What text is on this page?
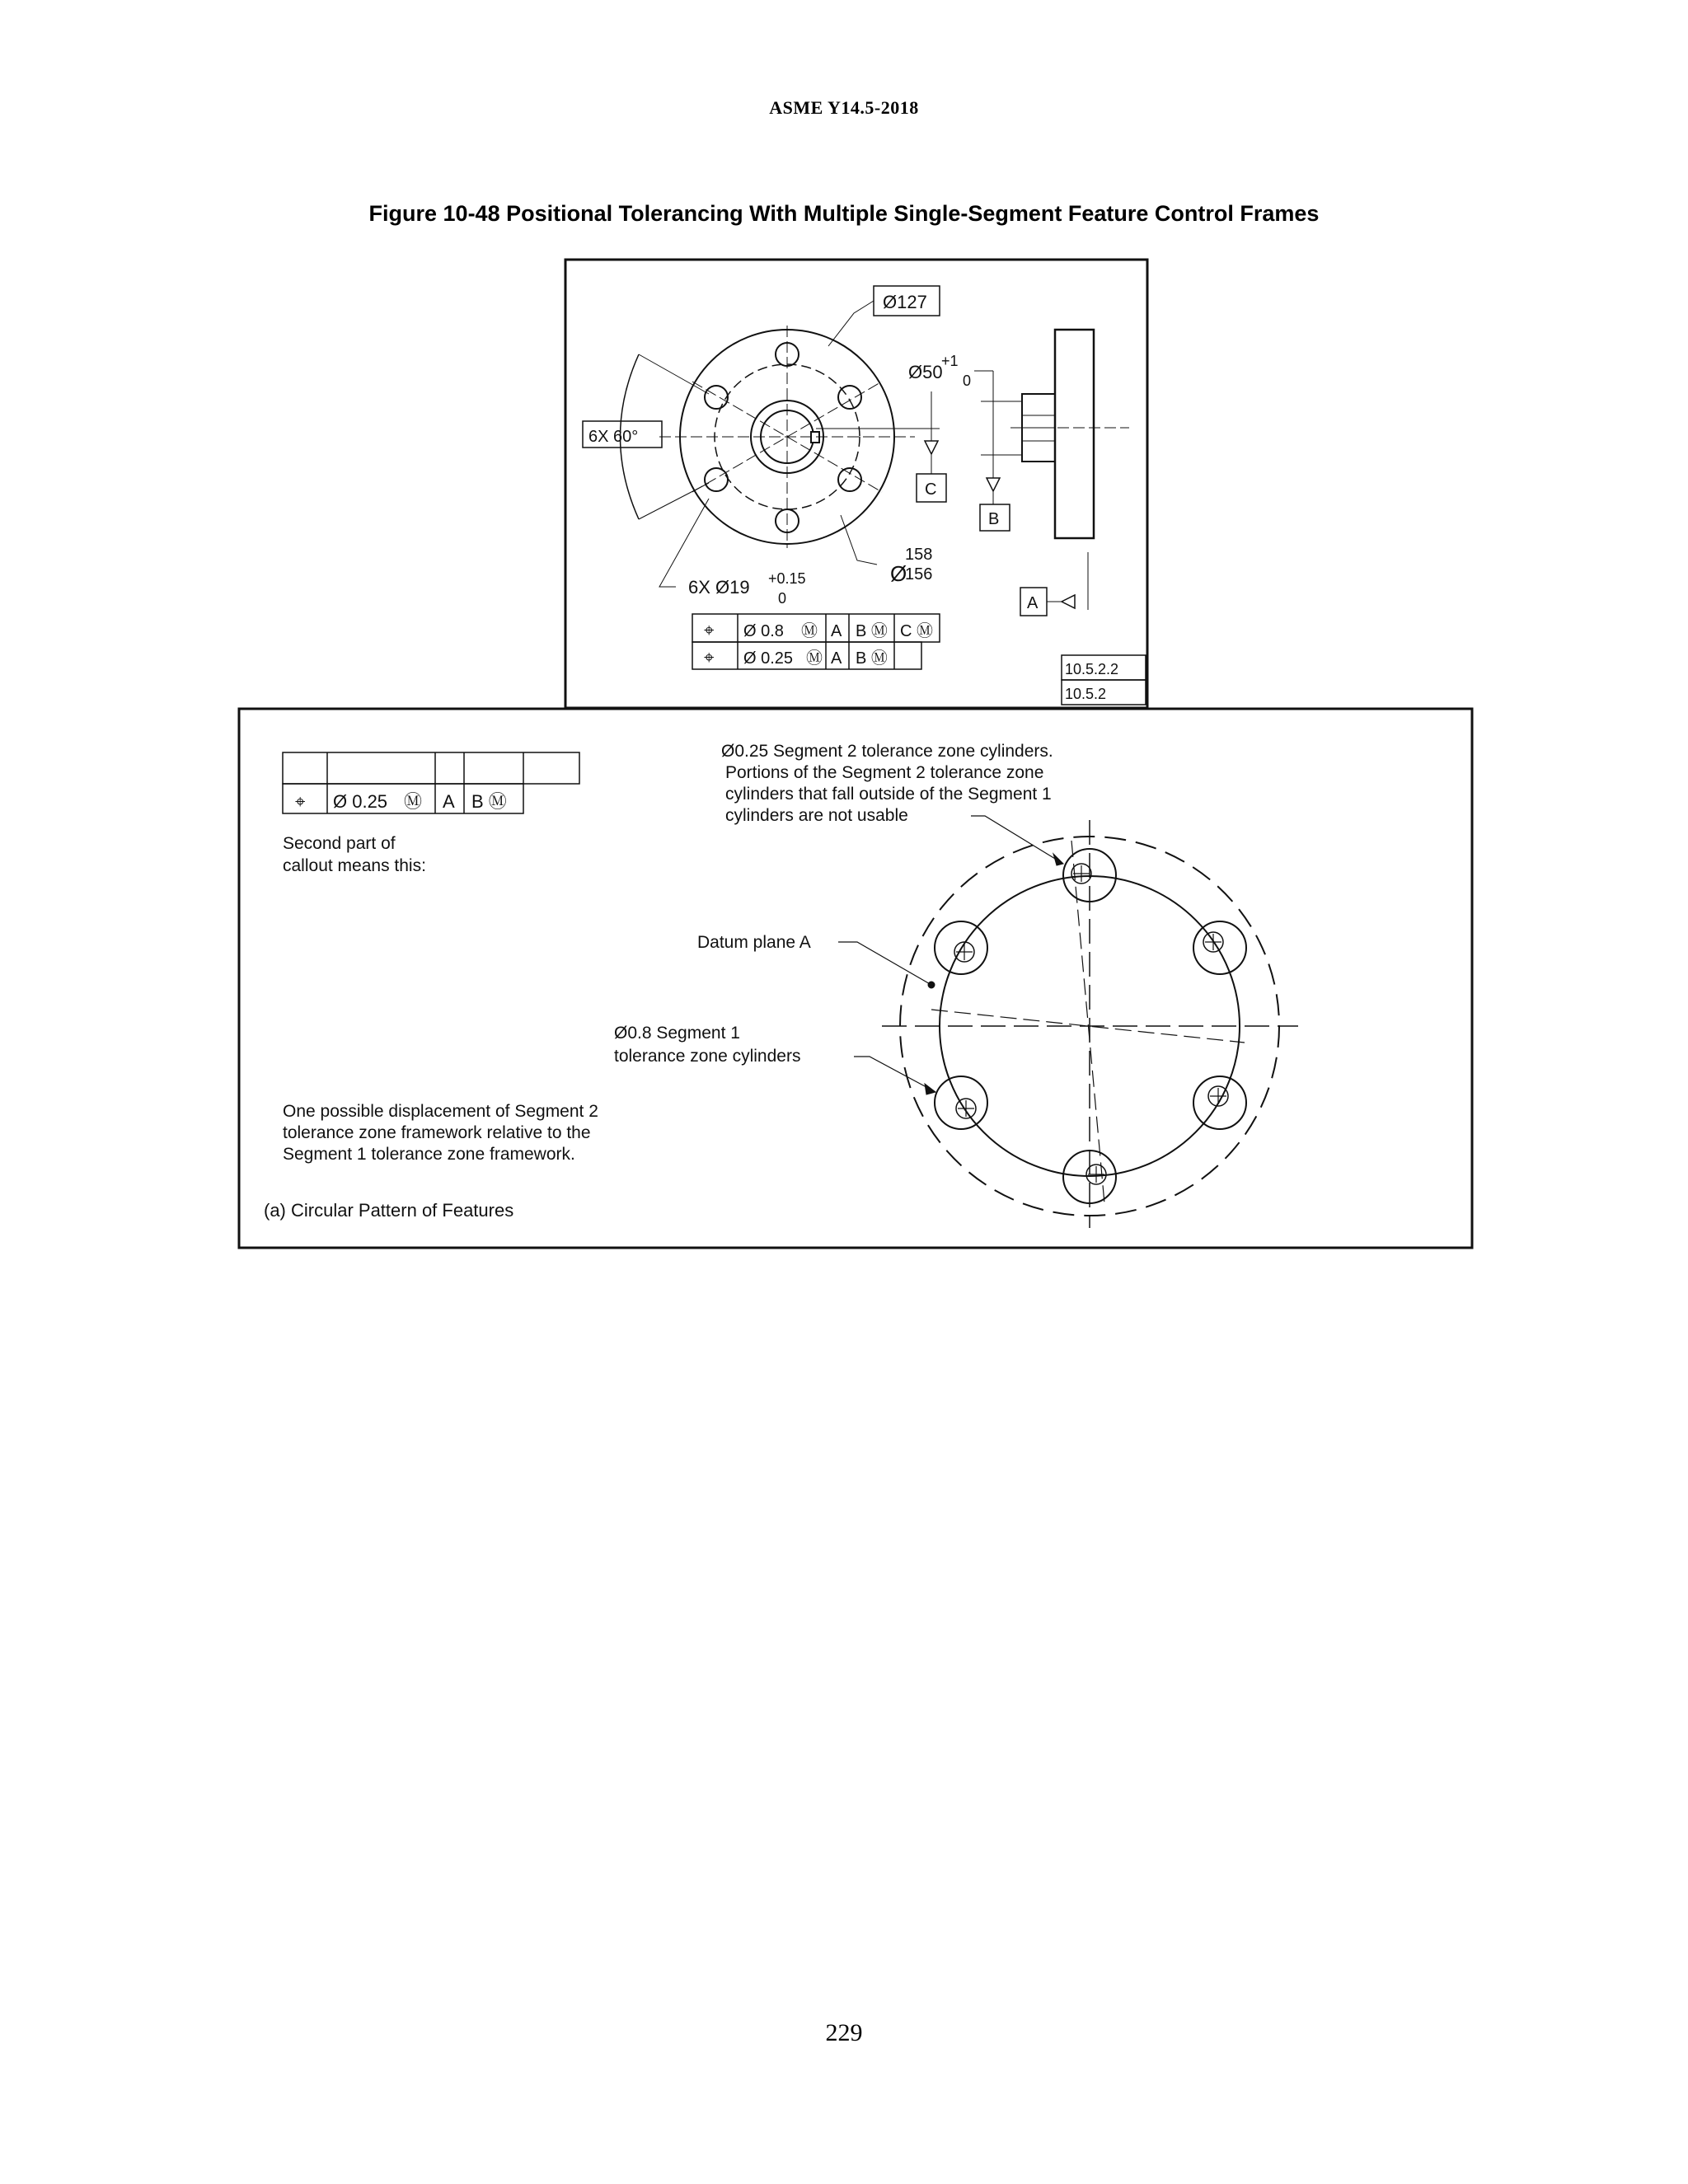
ASME Y14.5-2018
Figure 10-48 Positional Tolerancing With Multiple Single-Segment Feature Control Frames
Ø127
Ø50
+1
0
6X 60°
C
B
A
Ø
158
156
6X Ø19 +0.15
0
⌖ Ø 0.8 Ⓜ A B Ⓜ C Ⓜ
⌖ Ø 0.25 Ⓜ A B Ⓜ
10.5.2.2
10.5.2
⌖ Ø 0.25 Ⓜ A B Ⓜ
Second part of
callout means this:
Ø0.25 Segment 2 tolerance zone cylinders.
Portions of the Segment 2 tolerance zone
cylinders that fall outside of the Segment 1
cylinders are not usable
Datum plane A
Ø0.8 Segment 1
tolerance zone cylinders
One possible displacement of Segment 2
tolerance zone framework relative to the
Segment 1 tolerance zone framework.
(a) Circular Pattern of Features
229
